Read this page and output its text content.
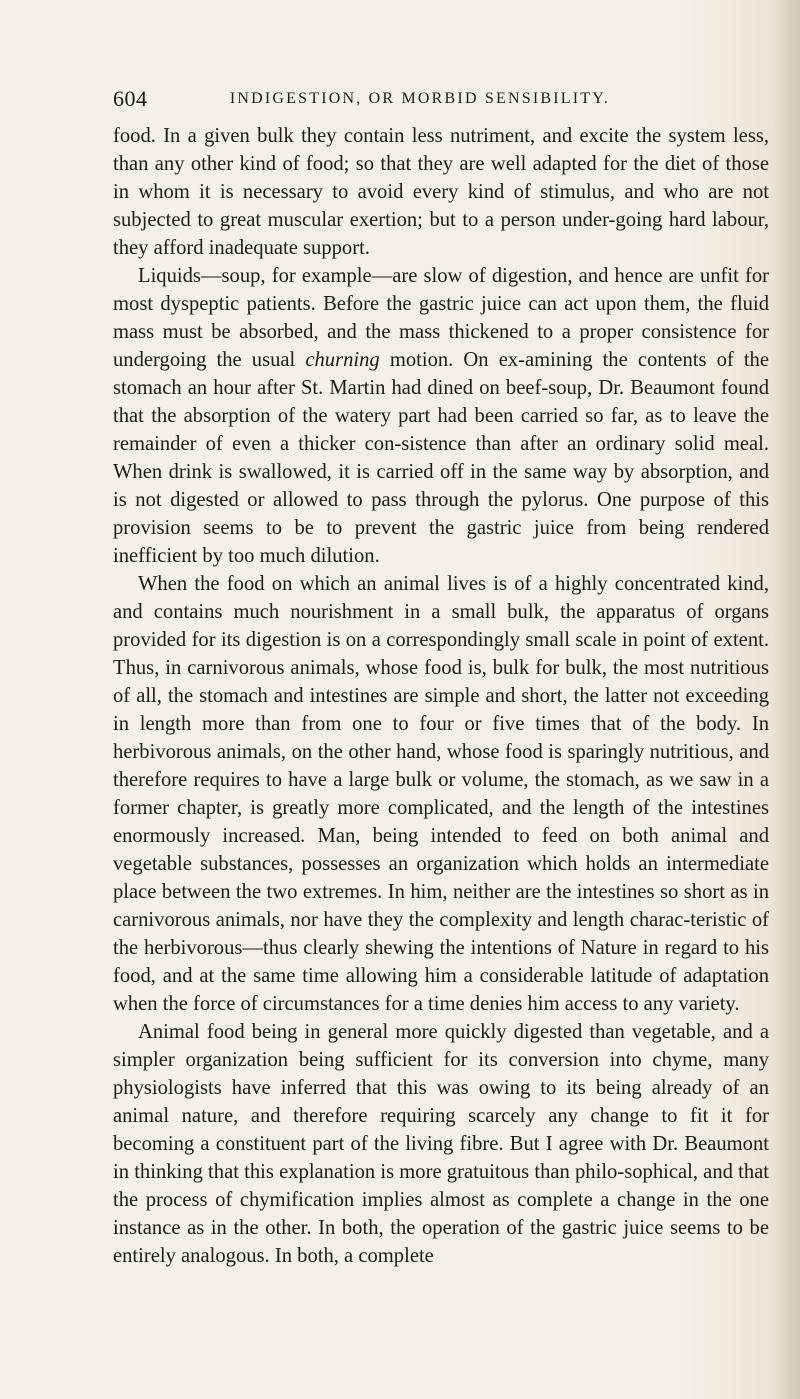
604	INDIGESTION, OR MORBID SENSIBILITY.

food. In a given bulk they contain less nutriment, and excite the system less, than any other kind of food; so that they are well adapted for the diet of those in whom it is necessary to avoid every kind of stimulus, and who are not subjected to great muscular exertion; but to a person under-going hard labour, they afford inadequate support.

Liquids—soup, for example—are slow of digestion, and hence are unfit for most dyspeptic patients. Before the gastric juice can act upon them, the fluid mass must be absorbed, and the mass thickened to a proper consistence for undergoing the usual churning motion. On ex-amining the contents of the stomach an hour after St. Martin had dined on beef-soup, Dr. Beaumont found that the absorption of the watery part had been carried so far, as to leave the remainder of even a thicker con-sistence than after an ordinary solid meal. When drink is swallowed, it is carried off in the same way by absorption, and is not digested or allowed to pass through the pylorus. One purpose of this provision seems to be to prevent the gastric juice from being rendered inefficient by too much dilution.

When the food on which an animal lives is of a highly concentrated kind, and contains much nourishment in a small bulk, the apparatus of organs provided for its digestion is on a correspondingly small scale in point of extent. Thus, in carnivorous animals, whose food is, bulk for bulk, the most nutritious of all, the stomach and intestines are simple and short, the latter not exceeding in length more than from one to four or five times that of the body. In herbivorous animals, on the other hand, whose food is sparingly nutritious, and therefore requires to have a large bulk or volume, the stomach, as we saw in a former chapter, is greatly more complicated, and the length of the intestines enormously increased. Man, being intended to feed on both animal and vegetable substances, possesses an organization which holds an intermediate place between the two extremes. In him, neither are the intestines so short as in carnivorous animals, nor have they the complexity and length charac-teristic of the herbivorous—thus clearly shewing the intentions of Nature in regard to his food, and at the same time allowing him a considerable latitude of adaptation when the force of circumstances for a time denies him access to any variety.

Animal food being in general more quickly digested than vegetable, and a simpler organization being sufficient for its conversion into chyme, many physiologists have inferred that this was owing to its being already of an animal nature, and therefore requiring scarcely any change to fit it for becoming a constituent part of the living fibre. But I agree with Dr. Beaumont in thinking that this explanation is more gratuitous than philo-sophical, and that the process of chymification implies almost as complete a change in the one instance as in the other. In both, the operation of the gastric juice seems to be entirely analogous. In both, a complete
